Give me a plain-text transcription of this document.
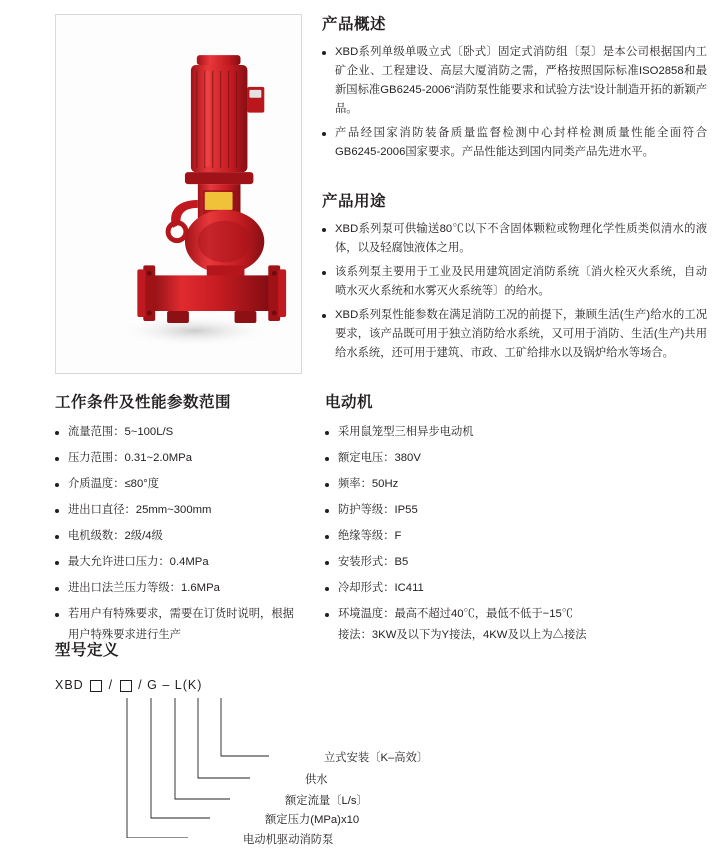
产品概述
XBD系列单级单吸立式〔卧式〕固定式消防组〔泵〕是本公司根据国内工矿企业、工程建设、高层大厦消防之需，严格按照国际标准ISO2858和最新国标准GB6245-2006“消防泵性能要求和试验方法”设计制造开拓的新颖产品。
产品经国家消防装备质量监督检测中心封样检测质量性能全面符合GB6245-2006国家要求。产品性能达到国内同类产品先进水平。
产品用途
XBD系列泵可供输送80℃以下不含固体颗粒或物理化学性质类似清水的液体，以及轻腐蚀液体之用。
该系列泵主要用于工业及民用建筑固定消防系统〔消火栓灭火系统，自动喷水灭火系统和水雾灭火系统等〕的给水。
XBD系列泵性能参数在满足消防工况的前提下，兼顾生活(生产)给水的工况要求，该产品既可用于独立消防给水系统，又可用于消防、生活(生产)共用给水系统，还可用于建筑、市政、工矿给排水以及锅炉给水等场合。
工作条件及性能参数范围
流量范围：5~100L/S
压力范围：0.31~2.0MPa
介质温度：≤80°度
进出口直径：25mm~300mm
电机级数：2级/4级
最大允许进口压力：0.4MPa
进出口法兰压力等级：1.6MPa
若用户有特殊要求，需要在订货时说明，根据
用户特殊要求进行生产
电动机
采用鼠笼型三相异步电动机
额定电压：380V
频率：50Hz
防护等级：IP55
绝缘等级：F
安装形式：B5
冷却形式：IC411
环境温度：最高不超过40℃，最低不低于−15℃
接法：3KW及以下为Y接法，4KW及以上为△接法
型号定义
XBD / / G – L(K)
立式安装〔K–高效〕
供水
额定流量〔L/s〕
额定压力(MPa)x10
电动机驱动消防泵
